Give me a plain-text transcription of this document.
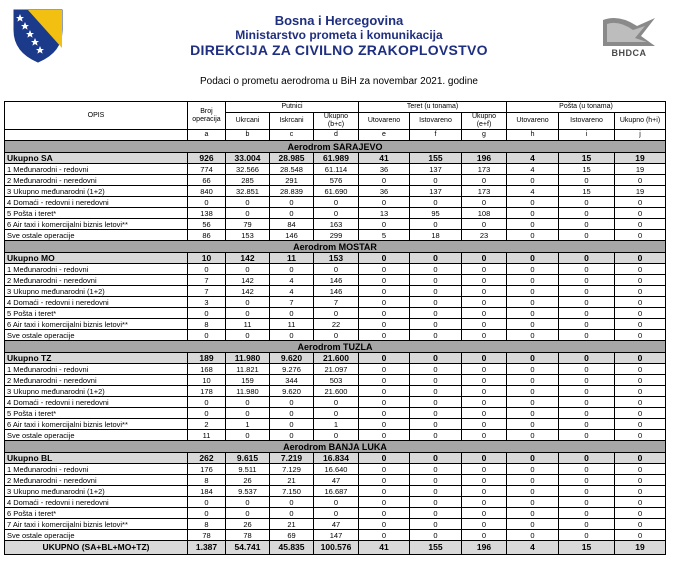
Bosna i Hercegovina
Ministarstvo prometa i komunikacija
DIREKCIJA ZA CIVILNO ZRAKOPLOVSTVO	BHDCA
Podaci o prometu aerodroma u BiH za novembar 2021. godine
OPIS	Broj operacija	Putnici			Teret (u tonama)			Pošta (u tonama)		
		Ukrcani	Iskrcani	Ukupno (b+c)	Utovareno	Istovareno	Ukupno (e+f)	Utovareno	Istovareno	Ukupno (h+i)
	a	b	c	d	e	f	g	h	i	j
Aerodrom SARAJEVO										
Ukupno SA	926	33.004	28.985	61.989	41	155	196	4	15	19
1 Međunarodni - redovni	774	32.566	28.548	61.114	36	137	173	4	15	19
2 Međunarodni - neredovni	66	285	291	576	0	0	0	0	0	0
3 Ukupno međunarodni (1+2)	840	32.851	28.839	61.690	36	137	173	4	15	19
4 Domaći - redovni i neredovni	0	0	0	0	0	0	0	0	0	0
5 Pošta i teret*	138	0	0	0	13	95	108	0	0	0
6 Air taxi i komercijalni biznis letovi**	56	79	84	163	0	0	0	0	0	0
Sve ostale operacije	86	153	146	299	5	18	23	0	0	0
Aerodrom MOSTAR										
Ukupno MO	10	142	11	153	0	0	0	0	0	0
1 Međunarodni - redovni	0	0	0	0	0	0	0	0	0	0
2 Međunarodni - neredovni	7	142	4	146	0	0	0	0	0	0
3 Ukupno međunarodni (1+2)	7	142	4	146	0	0	0	0	0	0
4 Domaći - redovni i neredovni	3	0	7	7	0	0	0	0	0	0
5 Pošta i teret*	0	0	0	0	0	0	0	0	0	0
6 Air taxi i komercijalni biznis letovi**	8	11	11	22	0	0	0	0	0	0
Sve ostale operacije	0	0	0	0	0	0	0	0	0	0
Aerodrom TUZLA										
Ukupno TZ	189	11.980	9.620	21.600	0	0	0	0	0	0
1 Međunarodni - redovni	168	11.821	9.276	21.097	0	0	0	0	0	0
2 Međunarodni - neredovni	10	159	344	503	0	0	0	0	0	0
3 Ukupno međunarodni (1+2)	178	11.980	9.620	21.600	0	0	0	0	0	0
4 Domaći - redovni i neredovni	0	0	0	0	0	0	0	0	0	0
5 Pošta i teret*	0	0	0	0	0	0	0	0	0	0
6 Air taxi i komercijalni biznis letovi**	2	1	0	1	0	0	0	0	0	0
Sve ostale operacije	11	0	0	0	0	0	0	0	0	0
Aerodrom BANJA LUKA										
Ukupno BL	262	9.615	7.219	16.834	0	0	0	0	0	0
1 Međunarodni - redovni	176	9.511	7.129	16.640	0	0	0	0	0	0
2 Međunarodni - neredovni	8	26	21	47	0	0	0	0	0	0
3 Ukupno međunarodni (1+2)	184	9.537	7.150	16.687	0	0	0	0	0	0
4 Domaći - redovni i neredovni	0	0	0	0	0	0	0	0	0	0
6 Pošta i teret*	0	0	0	0	0	0	0	0	0	0
7 Air taxi i komercijalni biznis letovi**	8	26	21	47	0	0	0	0	0	0
Sve ostale operacije	78	78	69	147	0	0	0	0	0	0
UKUPNO (SA+BL+MO+TZ)	1.387	54.741	45.835	100.576	41	155	196	4	15	19
